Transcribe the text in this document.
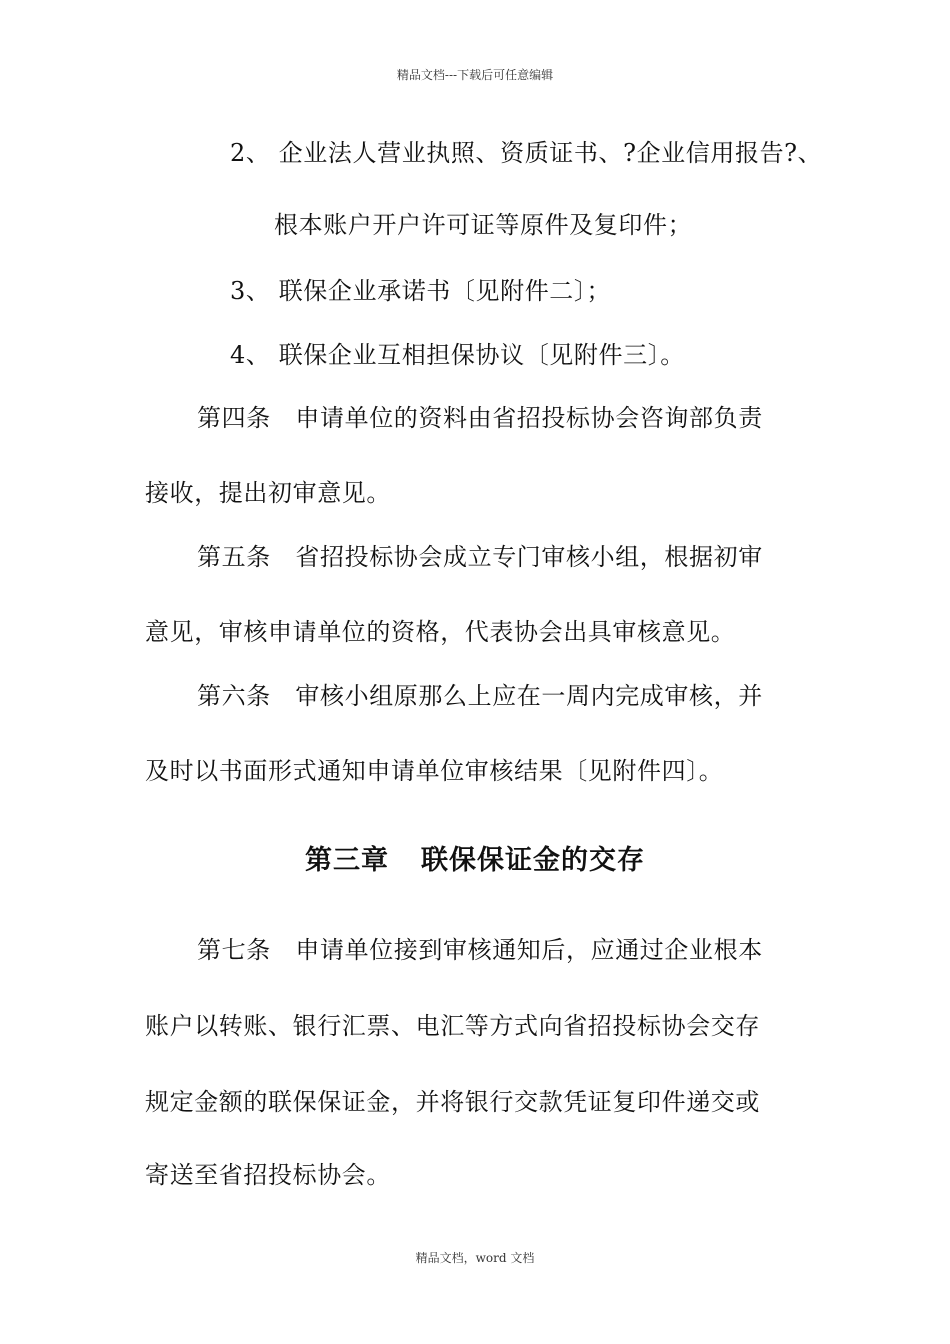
精品文档---下载后可任意编辑
2、 企业法人营业执照、资质证书、?企业信用报告?、
根本账户开户许可证等原件及复印件；
3、 联保企业承诺书〔见附件二〕；
4、 联保企业互相担保协议〔见附件三〕。
第四条　申请单位的资料由省招投标协会咨询部负责
接收，提出初审意见。
第五条　省招投标协会成立专门审核小组，根据初审
意见，审核申请单位的资格，代表协会出具审核意见。
第六条　审核小组原那么上应在一周内完成审核，并
及时以书面形式通知申请单位审核结果〔见附件四〕。
第三章 联保保证金的交存
第七条　申请单位接到审核通知后，应通过企业根本
账户以转账、银行汇票、电汇等方式向省招投标协会交存
规定金额的联保保证金，并将银行交款凭证复印件递交或
寄送至省招投标协会。
精品文档，word 文档
